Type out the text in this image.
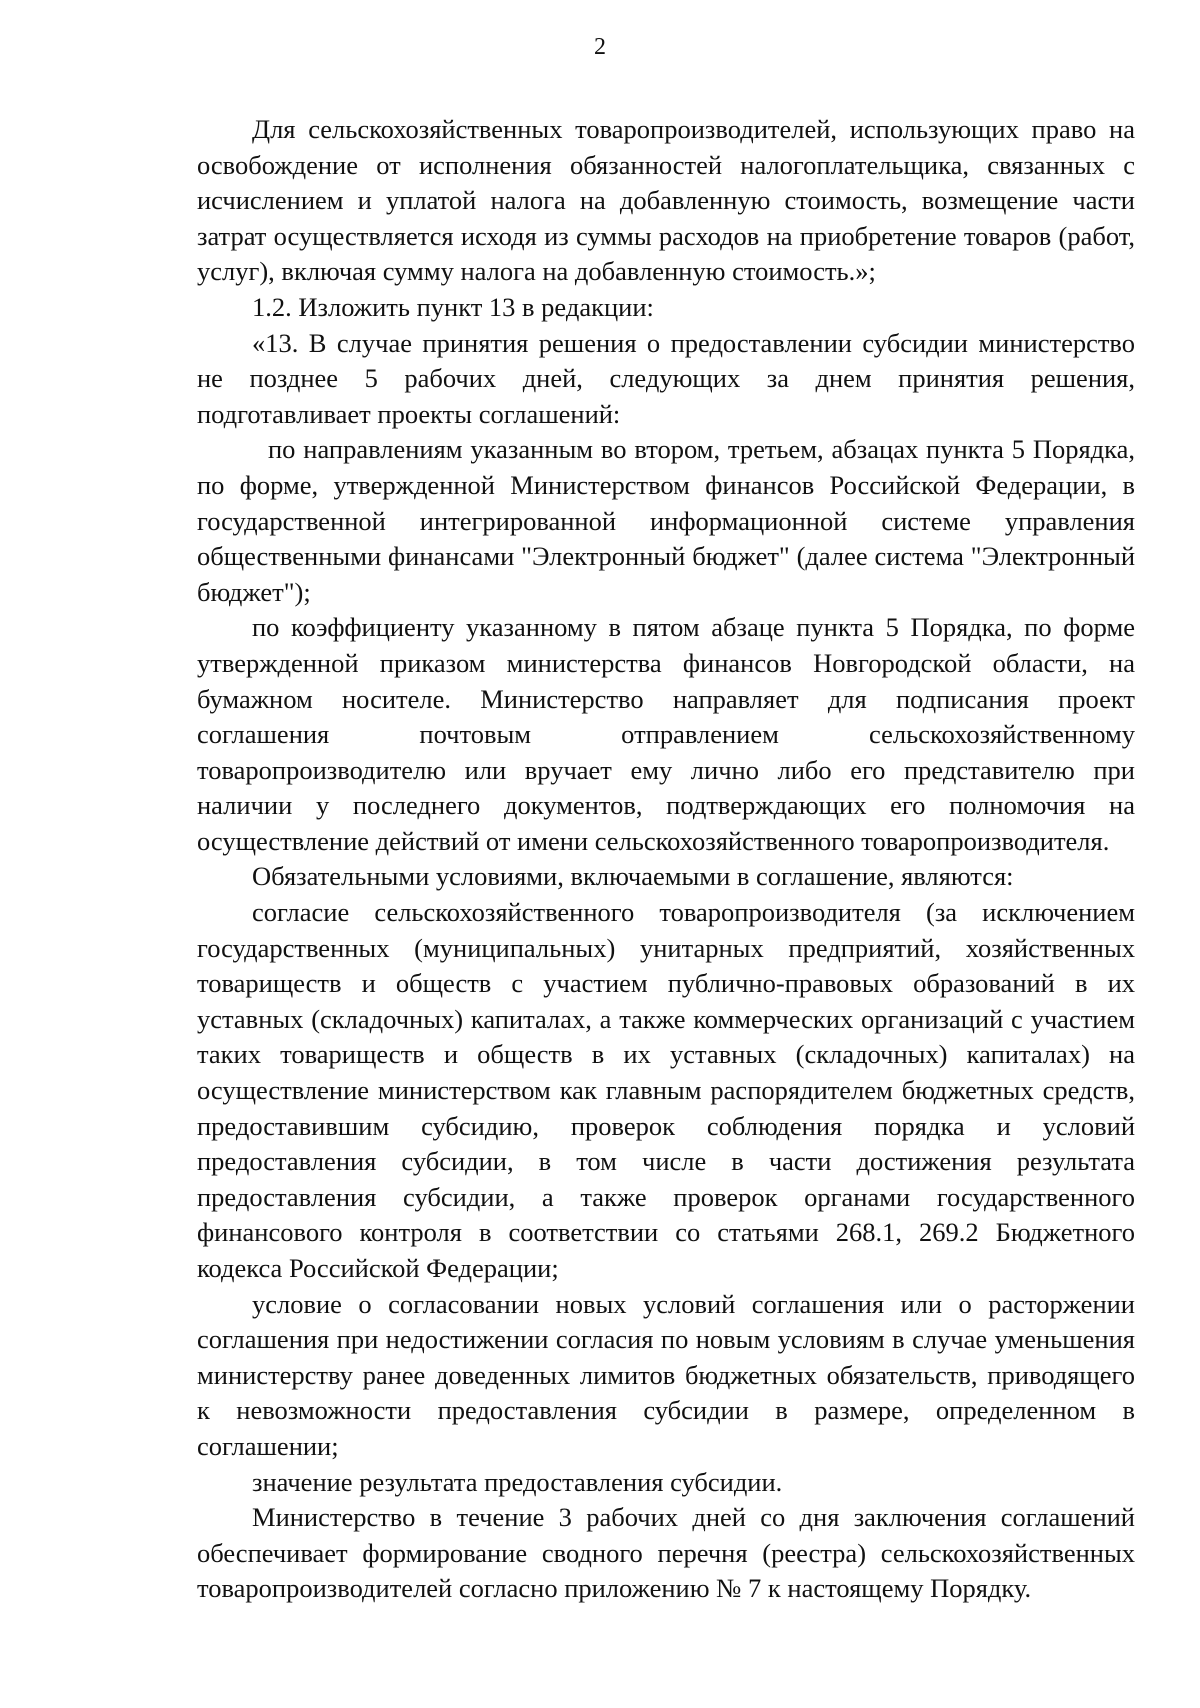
2

Для сельскохозяйственных товаропроизводителей, использующих право на освобождение от исполнения обязанностей налогоплательщика, связанных с исчислением и уплатой налога на добавленную стоимость, возмещение части затрат осуществляется исходя из суммы расходов на приобретение товаров (работ, услуг), включая сумму налога на добавленную стоимость.»;

1.2. Изложить пункт 13 в редакции:

«13. В случае принятия решения о предоставлении субсидии министерство не позднее 5 рабочих дней, следующих за днем принятия решения, подготавливает проекты соглашений:

по направлениям указанным во втором, третьем, абзацах пункта 5 Порядка, по форме, утвержденной Министерством финансов Российской Федерации, в государственной интегрированной информационной системе управления общественными финансами "Электронный бюджет" (далее система "Электронный бюджет");

по коэффициенту указанному в пятом абзаце пункта 5 Порядка, по форме утвержденной приказом министерства финансов Новгородской области, на бумажном носителе. Министерство направляет для подписания проект соглашения почтовым отправлением сельскохозяйственному товаропроизводителю или вручает ему лично либо его представителю при наличии у последнего документов, подтверждающих его полномочия на осуществление действий от имени сельскохозяйственного товаропроизводителя.

Обязательными условиями, включаемыми в соглашение, являются:

согласие сельскохозяйственного товаропроизводителя (за исключением государственных (муниципальных) унитарных предприятий, хозяйственных товариществ и обществ с участием публично-правовых образований в их уставных (складочных) капиталах, а также коммерческих организаций с участием таких товариществ и обществ в их уставных (складочных) капиталах) на осуществление министерством как главным распорядителем бюджетных средств, предоставившим субсидию, проверок соблюдения порядка и условий предоставления субсидии, в том числе в части достижения результата предоставления субсидии, а также проверок органами государственного финансового контроля в соответствии со статьями 268.1, 269.2 Бюджетного кодекса Российской Федерации;

условие о согласовании новых условий соглашения или о расторжении соглашения при недостижении согласия по новым условиям в случае уменьшения министерству ранее доведенных лимитов бюджетных обязательств, приводящего к невозможности предоставления субсидии в размере, определенном в соглашении;

значение результата предоставления субсидии.

Министерство в течение 3 рабочих дней со дня заключения соглашений обеспечивает формирование сводного перечня (реестра) сельскохозяйственных товаропроизводителей согласно приложению № 7 к настоящему Порядку.
